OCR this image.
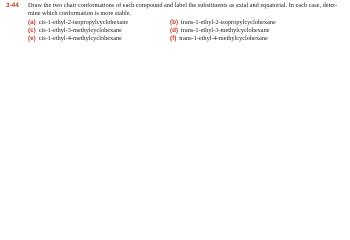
3-44 Draw the two chair conformations of each compound and label the substituents as axial and equatorial. In each case, deter-
mine which conformation is more stable.
(a) cis-1-ethyl-2-isopropylcyclohexane	(b) trans-1-ethyl-2-isopropylcyclohexane
(c) cis-1-ethyl-3-methylcyclohexane	(d) trans-1-ethyl-3-methylcyclohexane
(e) cis-1-ethyl-4-methylcyclohexane	(f) trans-1-ethyl-4-methylcyclohexane
